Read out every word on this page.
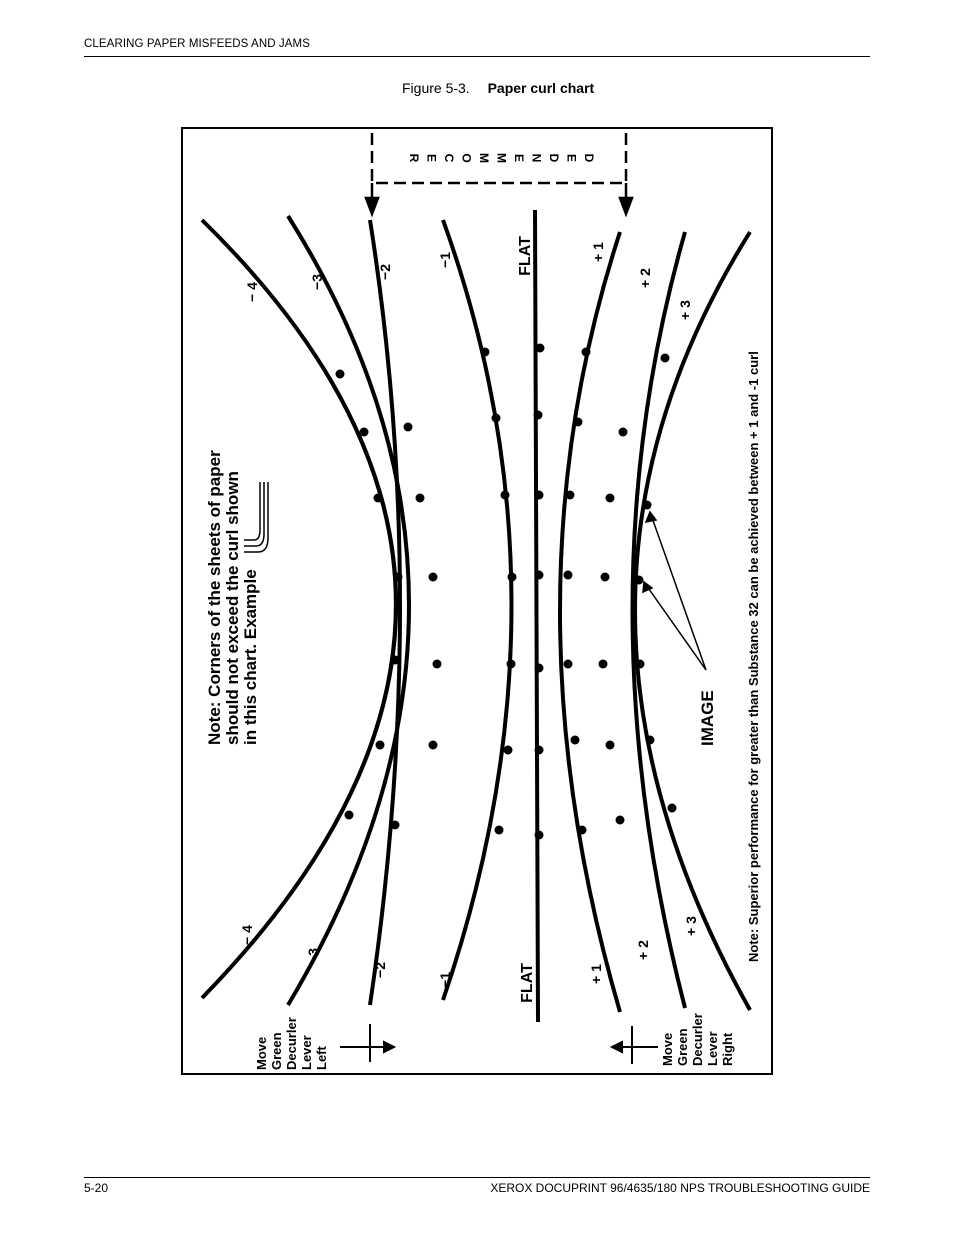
CLEARING PAPER MISFEEDS AND JAMS
Figure 5-3. Paper curl chart
R E C O M M E N D E D
− 4
−3
−2
−1	FLAT	+ 1
+ 2
+ 3
− 4
−3
−2
−1	FLAT	+ 1
+ 2
+ 3
Note: Corners of the sheets of paper should not exceed the curl shown in this chart. Example	IMAGE Note: Superior performance for greater than Substance 32 can be achieved between + 1 and -1 curl
Move Green Decurler Lever Left	Move Green Decurler Lever Right
5-20	XEROX DOCUPRINT 96/4635/180 NPS TROUBLESHOOTING GUIDE
